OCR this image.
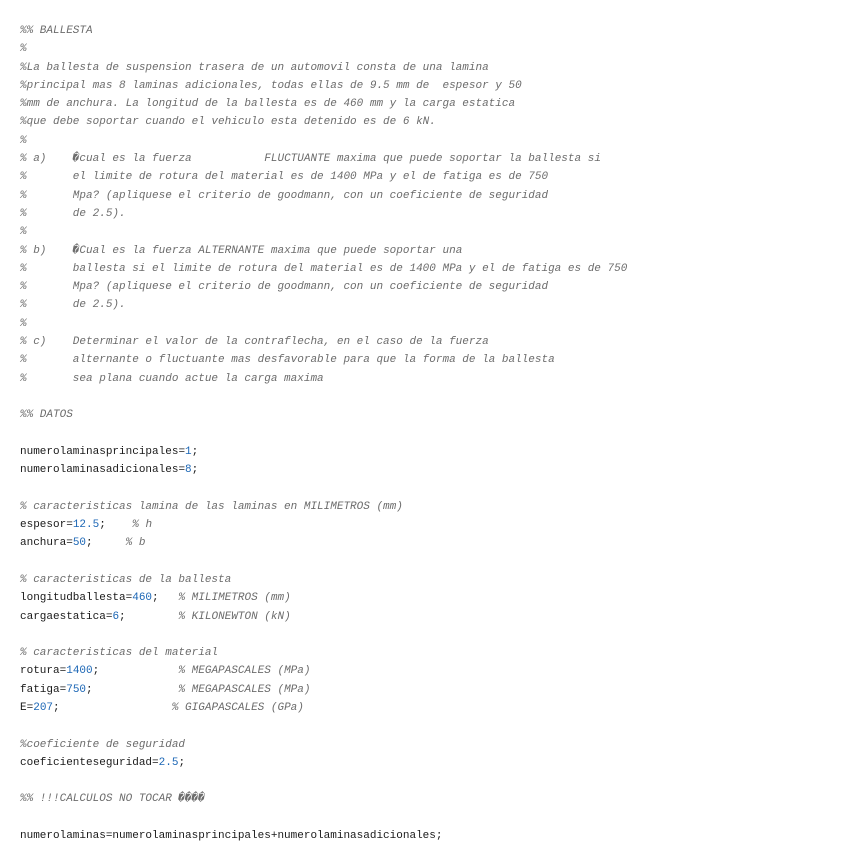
%% BALLESTA
%
%La ballesta de suspension trasera de un automovil consta de una lamina
%principal mas 8 laminas adicionales, todas ellas de 9.5 mm de  espesor y 50
%mm de anchura. La longitud de la ballesta es de 460 mm y la carga estatica
%que debe soportar cuando el vehiculo esta detenido es de 6 kN.
%
% a)    �cual es la fuerza           FLUCTUANTE maxima que puede soportar la ballesta si
%       el limite de rotura del material es de 1400 MPa y el de fatiga es de 750
%       Mpa? (apliquese el criterio de goodmann, con un coeficiente de seguridad
%       de 2.5).
%
% b)    �Cual es la fuerza ALTERNANTE maxima que puede soportar una
%       ballesta si el limite de rotura del material es de 1400 MPa y el de fatiga es de 750
%       Mpa? (apliquese el criterio de goodmann, con un coeficiente de seguridad
%       de 2.5).
%
% c)    Determinar el valor de la contraflecha, en el caso de la fuerza
%       alternante o fluctuante mas desfavorable para que la forma de la ballesta
%       sea plana cuando actue la carga maxima
%% DATOS
numerolaminasprincipales=1;
numerolaminasadicionales=8;
% caracteristicas lamina de las laminas en MILIMETROS (mm)
espesor=12.5; % h
anchura=50;	% b
% caracteristicas de la ballesta
longitudballesta=460; % MILIMETROS (mm)
cargaestatica=6;	% KILONEWTON (kN)
% caracteristicas del material
rotura=1400;	% MEGAPASCALES (MPa)
fatiga=750;	% MEGAPASCALES (MPa)
E=207;	% GIGAPASCALES (GPa)
%coeficiente de seguridad
coeficienteseguridad=2.5;
%% !!!CALCULOS NO TOCAR ����
numerolaminas=numerolaminasprincipales+numerolaminasadicionales;
